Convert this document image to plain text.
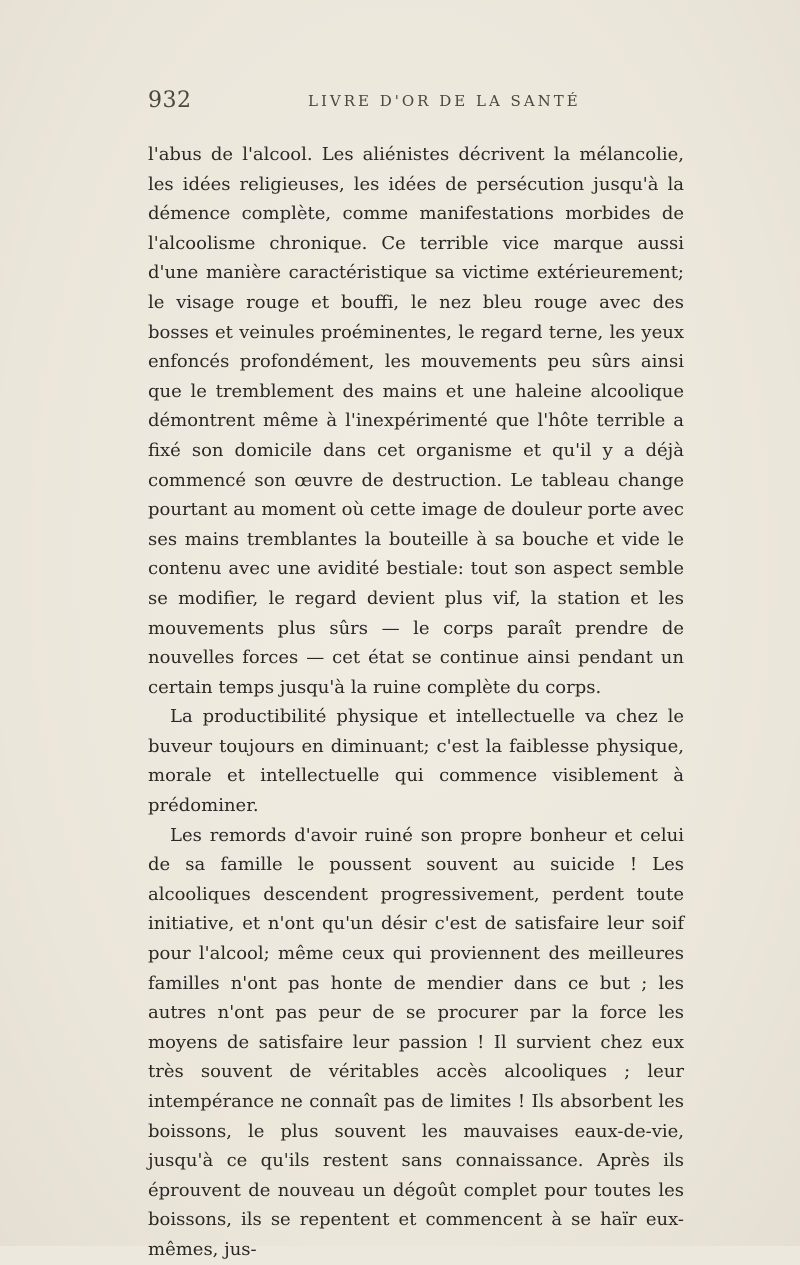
932	LIVRE D'OR DE LA SANTÉ

l'abus de l'alcool. Les aliénistes décrivent la mélancolie, les idées religieuses, les idées de persécution jusqu'à la démence complète, comme manifestations morbides de l'alcoolisme chronique. Ce terrible vice marque aussi d'une manière caractéristique sa victime extérieurement; le visage rouge et bouffi, le nez bleu rouge avec des bosses et veinules proéminentes, le regard terne, les yeux enfoncés profondément, les mouvements peu sûrs ainsi que le tremblement des mains et une haleine alcoolique démontrent même à l'inexpérimenté que l'hôte terrible a fixé son domicile dans cet organisme et qu'il y a déjà commencé son œuvre de destruction. Le tableau change pourtant au moment où cette image de douleur porte avec ses mains tremblantes la bouteille à sa bouche et vide le contenu avec une avidité bestiale: tout son aspect semble se modifier, le regard devient plus vif, la station et les mouvements plus sûrs — le corps paraît prendre de nouvelles forces — cet état se continue ainsi pendant un certain temps jusqu'à la ruine complète du corps.

La productibilité physique et intellectuelle va chez le buveur toujours en diminuant; c'est la faiblesse physique, morale et intellectuelle qui commence visiblement à prédominer.

Les remords d'avoir ruiné son propre bonheur et celui de sa famille le poussent souvent au suicide ! Les alcooliques descendent progressivement, perdent toute initiative, et n'ont qu'un désir c'est de satisfaire leur soif pour l'alcool; même ceux qui proviennent des meilleures familles n'ont pas honte de mendier dans ce but ; les autres n'ont pas peur de se procurer par la force les moyens de satisfaire leur passion ! Il survient chez eux très souvent de véritables accès alcooliques ; leur intempérance ne connaît pas de limites ! Ils absorbent les boissons, le plus souvent les mauvaises eaux-de-vie, jusqu'à ce qu'ils restent sans connaissance. Après ils éprouvent de nouveau un dégoût complet pour toutes les boissons, ils se repentent et commencent à se haïr eux-mêmes, jus-
